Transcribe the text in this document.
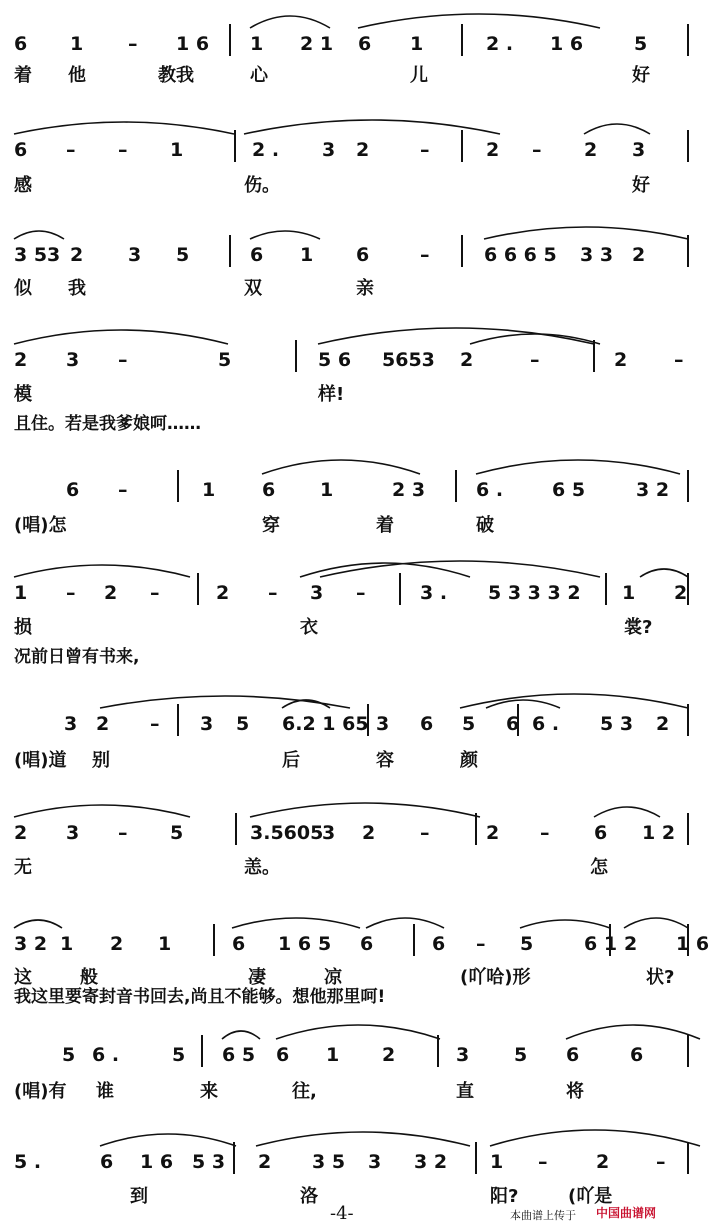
且住。若是我爹娘呵……
况前日曾有书来,
我这里要寄封音书回去,尚且不能够。想他那里呵!
-4-	本曲谱上传于 中国曲谱网
6 1 – 1 6 1 2 1 6 1	2 . 1 6	5
着 他	教我	心	儿	好
6 – – 1	2 . 3 2	–	2 – 2 3
感	伤。	好
3 53 2 3 5	6 1 6	–	6 6 6 5 3 3 2
似 我	双	亲
2 3 –	5	5 6 5653 2	–	2 –
模	样!
6 –	1 6 1	2 3	6 .	6 5	3 2
(唱)怎	穿	着	破
1 – 2 –	2 – 3 –	3 . 5 3 3 3 2 1 2
损	衣	裳?
3 2 – 3 5 6.2 1 65 3 6 5 6 6 . 5 3 2
(唱)道 别	后	容	颜
2 3 – 5	3.5605
3 2 –	2 – 6 1 2
无	恙。	怎
3 2 1 2 1	6 1 6 5 6	6 – 5	6 1 2 1 6
这	般	凄	凉	(吖哈)形	状?
5 6 .	5 6 5 6 1 2	3 5 6	6
(唱)有 谁	来	往,	直	将
5 .	6 1 6 5 3 2 3 5 3 3 2 1 –	2 –
到	洛	阳?	(吖是
